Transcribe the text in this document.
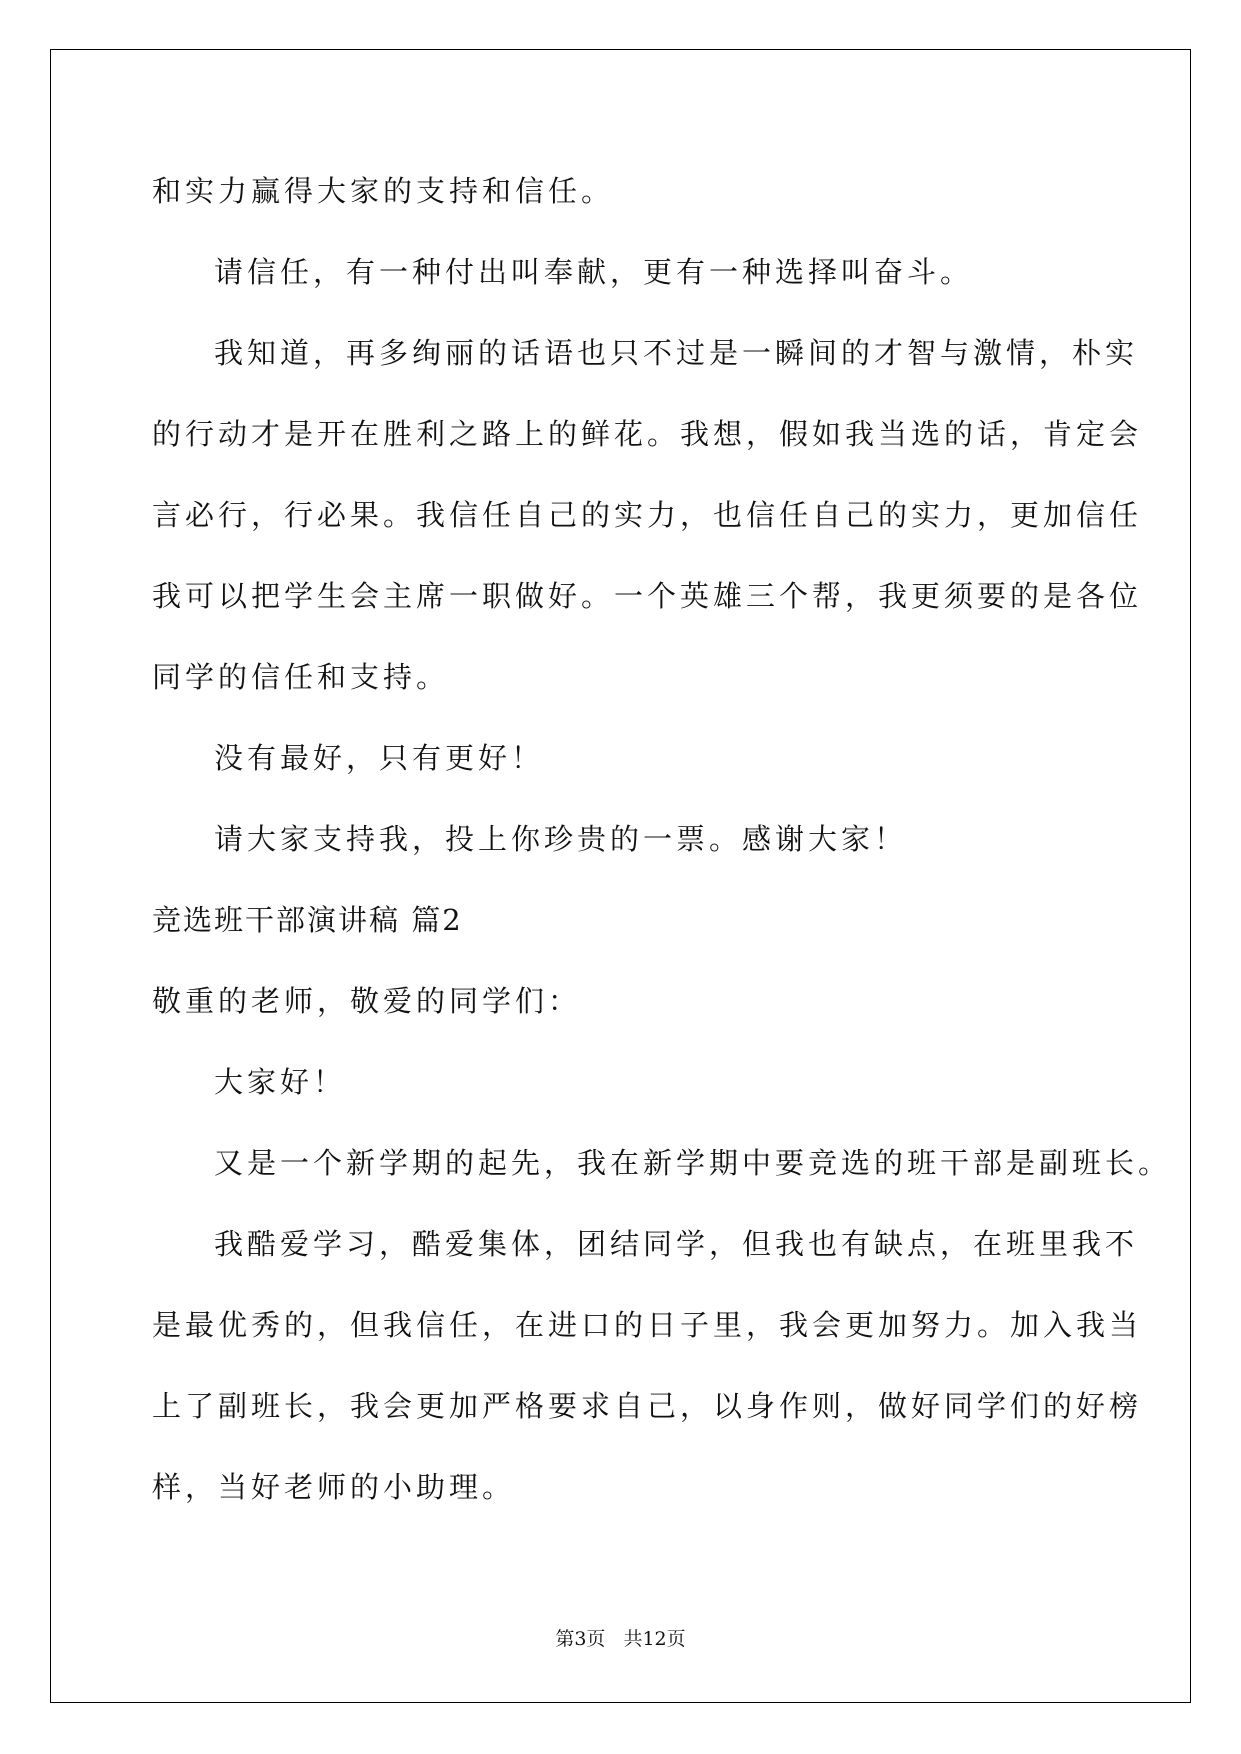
和实力赢得大家的支持和信任。

请信任，有一种付出叫奉献，更有一种选择叫奋斗。

我知道，再多绚丽的话语也只不过是一瞬间的才智与激情，朴实

的行动才是开在胜利之路上的鲜花。我想，假如我当选的话，肯定会

言必行，行必果。我信任自己的实力，也信任自己的实力，更加信任

我可以把学生会主席一职做好。一个英雄三个帮，我更须要的是各位

同学的信任和支持。

没有最好，只有更好！

请大家支持我，投上你珍贵的一票。感谢大家！

竞选班干部演讲稿 篇2

敬重的老师，敬爱的同学们：

大家好！

又是一个新学期的起先，我在新学期中要竞选的班干部是副班长。

我酷爱学习，酷爱集体，团结同学，但我也有缺点，在班里我不

是最优秀的，但我信任，在进口的日子里，我会更加努力。加入我当

上了副班长，我会更加严格要求自己，以身作则，做好同学们的好榜

样，当好老师的小助理。

第3页 共12页
